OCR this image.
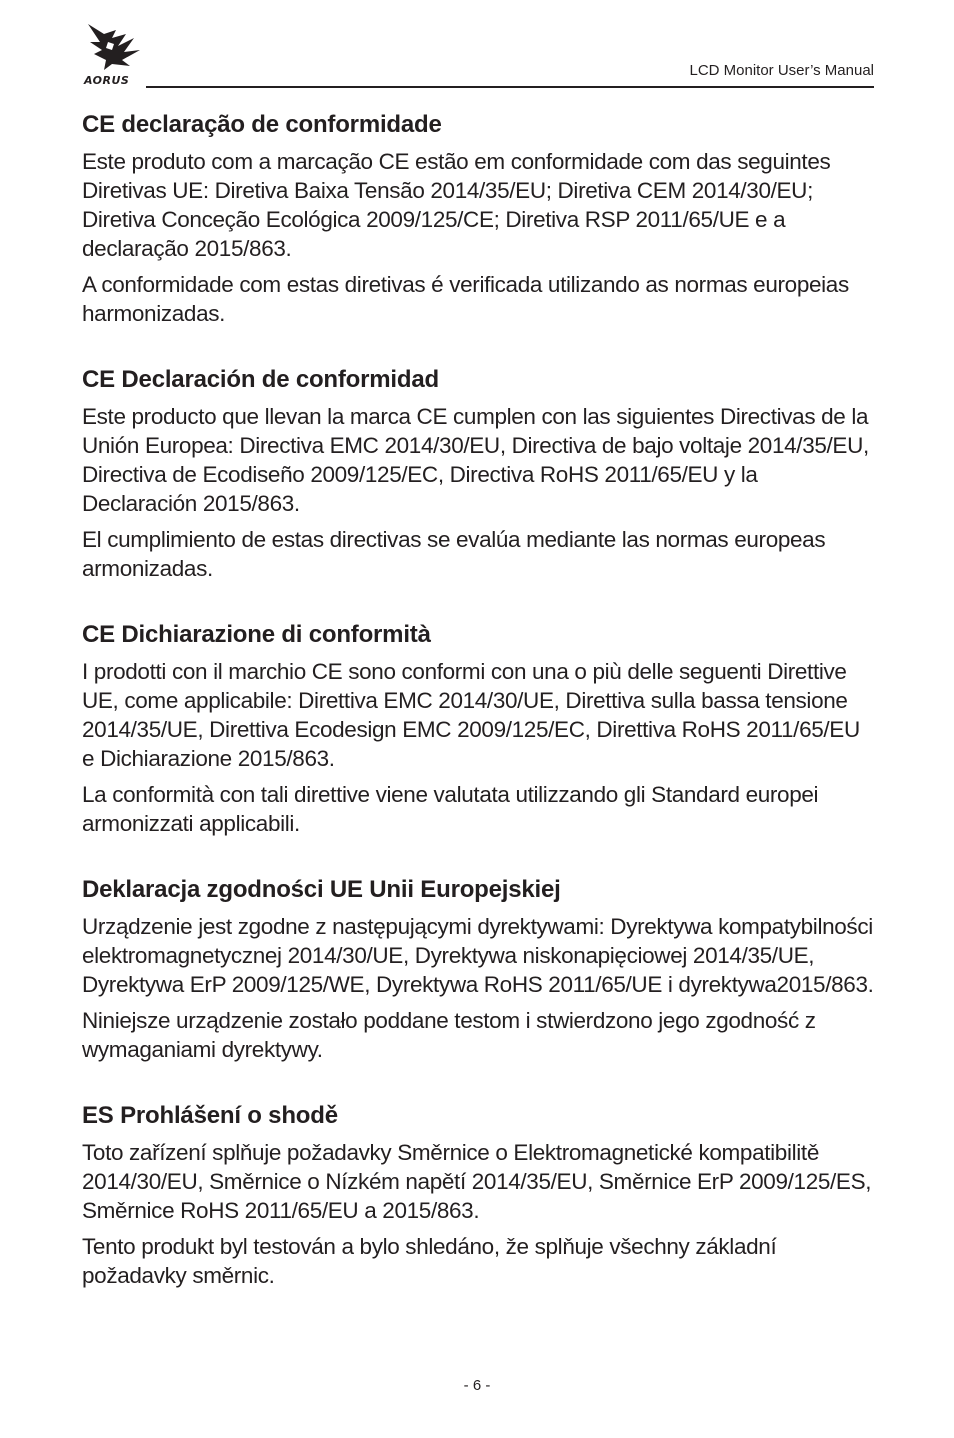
AORUS
LCD Monitor User’s Manual
CE declaração de conformidade

Este produto com a marcação CE estão em conformidade com das seguintes Diretivas UE: Diretiva Baixa Tensão 2014/35/EU; Diretiva CEM 2014/30/EU; Diretiva Conceção Ecológica 2009/125/CE; Diretiva RSP 2011/65/UE e a declaração 2015/863.

A conformidade com estas diretivas é verificada utilizando as normas europeias harmonizadas.

CE Declaración de conformidad

Este producto que llevan la marca CE cumplen con las siguientes Directivas de la Unión Europea: Directiva EMC 2014/30/EU, Directiva de bajo voltaje 2014/35/EU, Directiva de Ecodiseño 2009/125/EC, Directiva RoHS 2011/65/EU y la Declaración 2015/863.

El cumplimiento de estas directivas se evalúa mediante las normas europeas armonizadas.

CE Dichiarazione di conformità

I prodotti con il marchio CE sono conformi con una o più delle seguenti Direttive UE, come applicabile: Direttiva EMC 2014/30/UE, Direttiva sulla bassa tensione 2014/35/UE, Direttiva Ecodesign EMC 2009/125/EC, Direttiva RoHS 2011/65/EU e Dichiarazione 2015/863.

La conformità con tali direttive viene valutata utilizzando gli Standard europei armonizzati applicabili.

Deklaracja zgodności UE Unii Europejskiej

Urządzenie jest zgodne z następującymi dyrektywami: Dyrektywa kompatybilności elektromagnetycznej 2014/30/UE, Dyrektywa niskonapięciowej 2014/35/UE, Dyrektywa ErP 2009/125/WE, Dyrektywa RoHS 2011/65/UE i dyrektywa2015/863.

Niniejsze urządzenie zostało poddane testom i stwierdzono jego zgodność z wymaganiami dyrektywy.

ES Prohlášení o shodě

Toto zařízení splňuje požadavky Směrnice o Elektromagnetické kompatibilitě 2014/30/EU, Směrnice o Nízkém napětí 2014/35/EU, Směrnice ErP 2009/125/ES, Směrnice RoHS 2011/65/EU a 2015/863.

Tento produkt byl testován a bylo shledáno, že splňuje všechny základní požadavky směrnic.

- 6 -
